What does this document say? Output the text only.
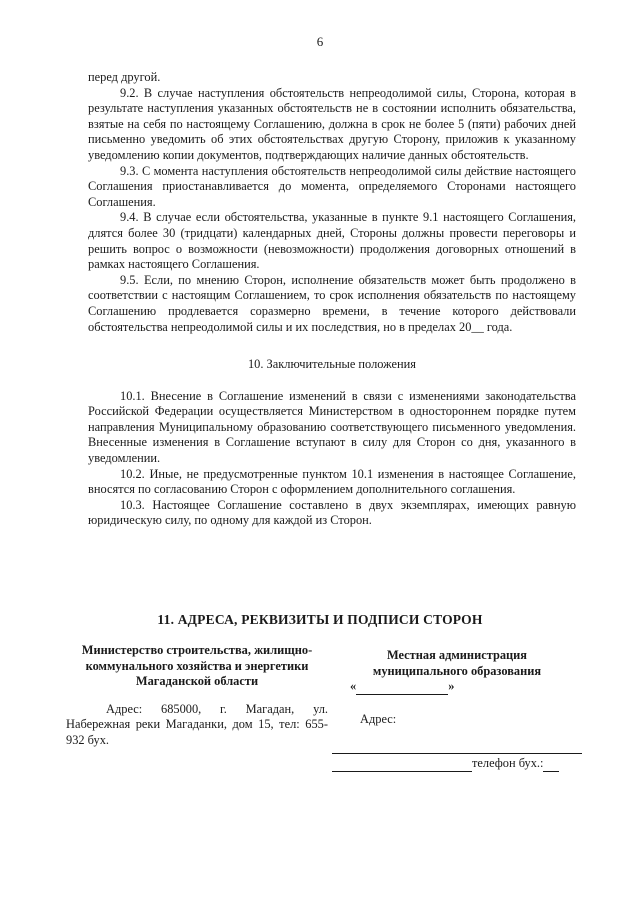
6

перед другой.

9.2. В случае наступления обстоятельств непреодолимой силы, Сторона, которая в результате наступления указанных обстоятельств не в состоянии исполнить обязательства, взятые на себя по настоящему Соглашению, должна в срок не более 5 (пяти) рабочих дней письменно уведомить об этих обстоятельствах другую Сторону, приложив к указанному уведомлению копии документов, подтверждающих наличие данных обстоятельств.

9.3. С момента наступления обстоятельств непреодолимой силы действие настоящего Соглашения приостанавливается до момента, определяемого Сторонами настоящего Соглашения.

9.4. В случае если обстоятельства, указанные в пункте 9.1 настоящего Соглашения, длятся более 30 (тридцати) календарных дней, Стороны должны провести переговоры и решить вопрос о возможности (невозможности) продолжения договорных отношений в рамках настоящего Соглашения.

9.5. Если, по мнению Сторон, исполнение обязательств может быть продолжено в соответствии с настоящим Соглашением, то срок исполнения обязательств по настоящему Соглашению продлевается соразмерно времени, в течение которого действовали обстоятельства непреодолимой силы и их последствия, но в пределах 20__ года.

10. Заключительные положения

10.1. Внесение в Соглашение изменений в связи с изменениями законодательства Российской Федерации осуществляется Министерством в одностороннем порядке путем направления Муниципальному образованию соответствующего письменного уведомления. Внесенные изменения в Соглашение вступают в силу для Сторон со дня, указанного в уведомлении.

10.2. Иные, не предусмотренные пунктом 10.1 изменения в настоящее Соглашение, вносятся по согласованию Сторон с оформлением дополнительного соглашения.

10.3. Настоящее Соглашение составлено в двух экземплярах, имеющих равную юридическую силу, по одному для каждой из Сторон.

11. АДРЕСА, РЕКВИЗИТЫ И ПОДПИСИ СТОРОН
Министерство строительства, жилищно-коммунального хозяйства и энергетики Магаданской области
Адрес: 685000, г. Магадан, ул. Набережная реки Магаданки, дом 15, тел: 655-932 бух.
Местная администрация
муниципального образования
«	»
Адрес:
телефон бух.:
